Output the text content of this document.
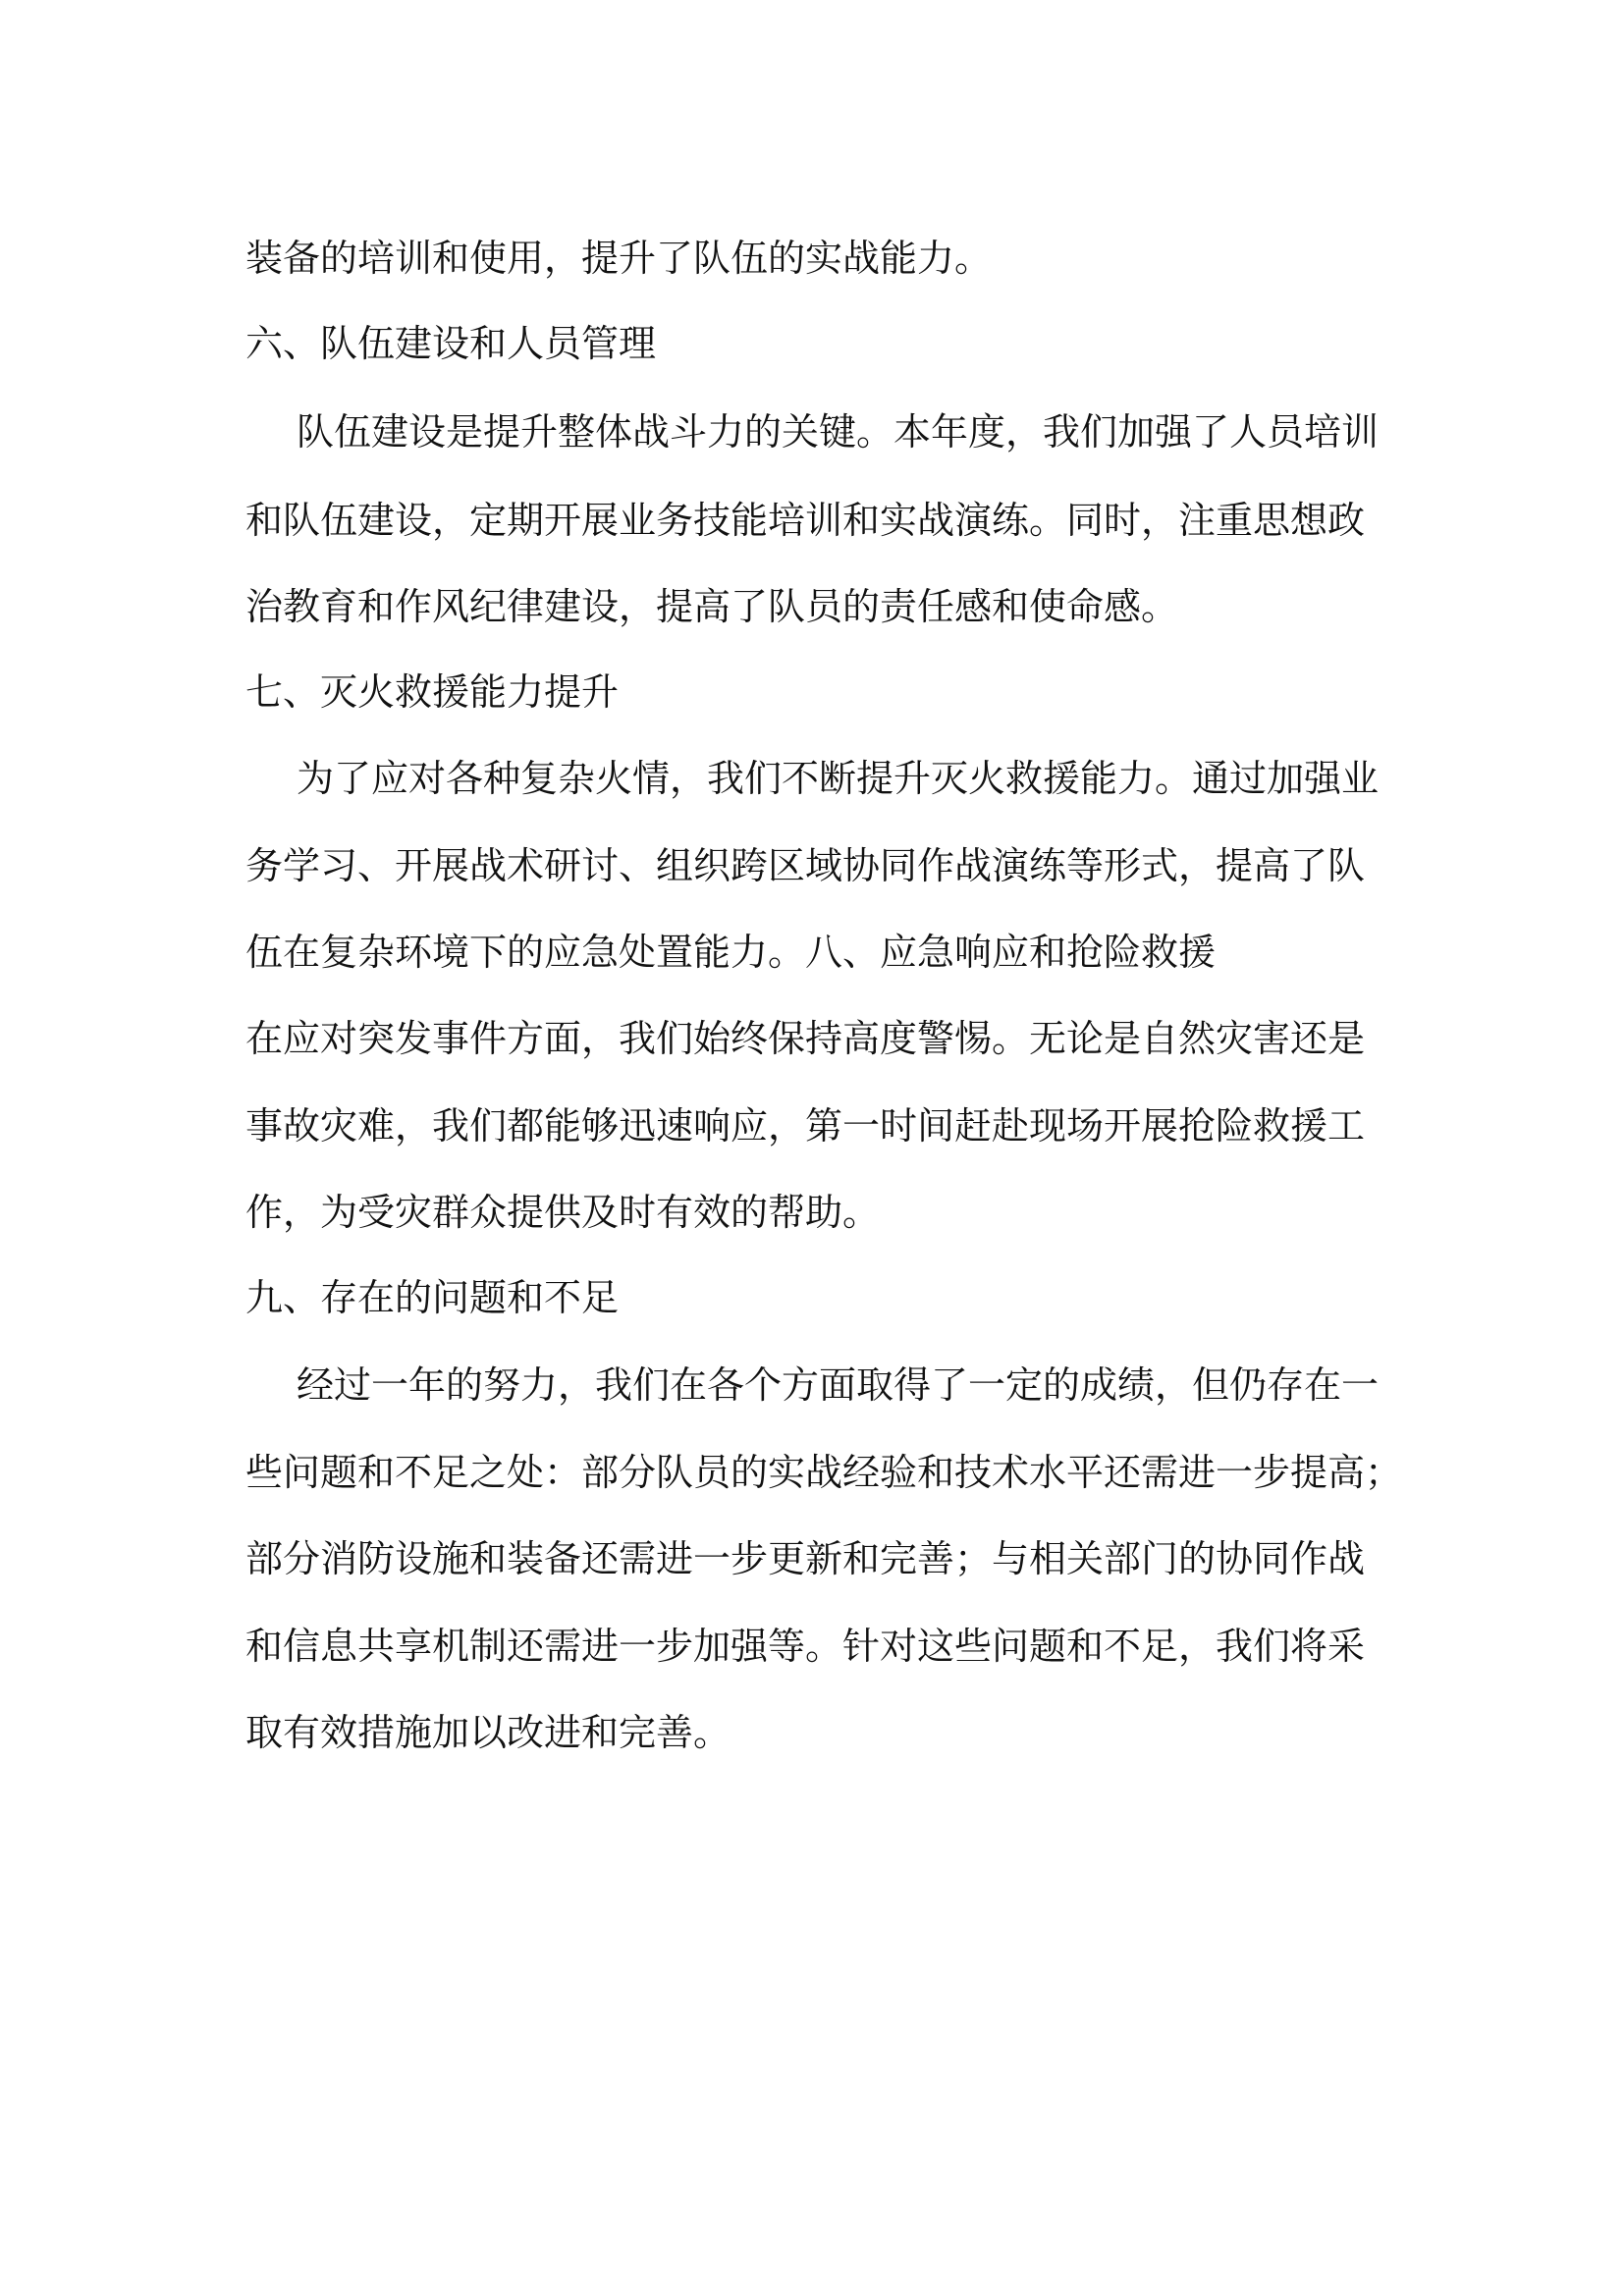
装备的培训和使用，提升了队伍的实战能力。
六、队伍建设和人员管理
队伍建设是提升整体战斗力的关键。本年度，我们加强了人员培训
和队伍建设，定期开展业务技能培训和实战演练。同时，注重思想政
治教育和作风纪律建设，提高了队员的责任感和使命感。
七、灭火救援能力提升
为了应对各种复杂火情，我们不断提升灭火救援能力。通过加强业
务学习、开展战术研讨、组织跨区域协同作战演练等形式，提高了队
伍在复杂环境下的应急处置能力。八、应急响应和抢险救援
在应对突发事件方面，我们始终保持高度警惕。无论是自然灾害还是
事故灾难，我们都能够迅速响应，第一时间赶赴现场开展抢险救援工
作，为受灾群众提供及时有效的帮助。
九、存在的问题和不足
经过一年的努力，我们在各个方面取得了一定的成绩，但仍存在一
些问题和不足之处：部分队员的实战经验和技术水平还需进一步提高；
部分消防设施和装备还需进一步更新和完善；与相关部门的协同作战
和信息共享机制还需进一步加强等。针对这些问题和不足，我们将采
取有效措施加以改进和完善。
